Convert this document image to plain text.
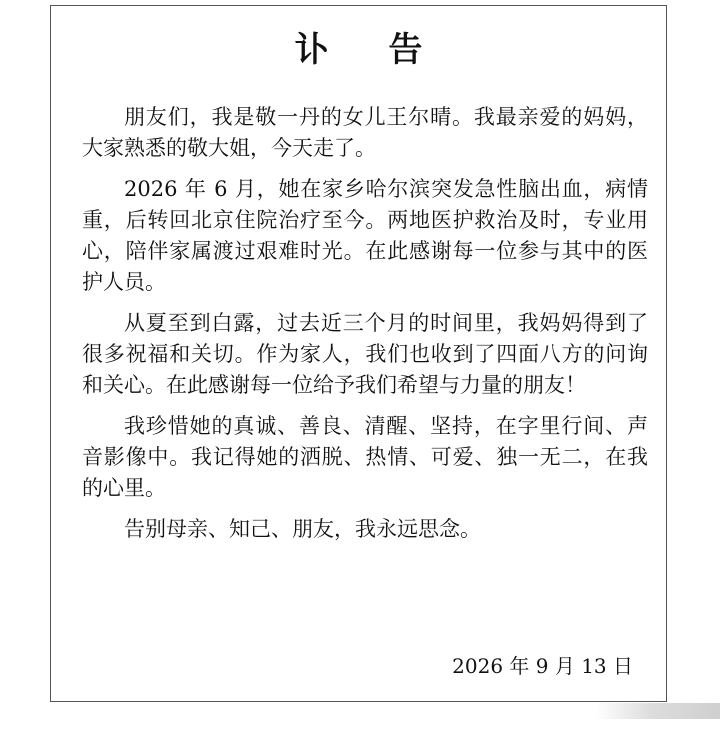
讣 告

朋友们，我是敬一丹的女儿王尔晴。我最亲爱的妈妈，大家熟悉的敬大姐，今天走了。

2026 年 6 月，她在家乡哈尔滨突发急性脑出血，病情重，后转回北京住院治疗至今。两地医护救治及时，专业用心，陪伴家属渡过艰难时光。在此感谢每一位参与其中的医护人员。

从夏至到白露，过去近三个月的时间里，我妈妈得到了很多祝福和关切。作为家人，我们也收到了四面八方的问询和关心。在此感谢每一位给予我们希望与力量的朋友！

我珍惜她的真诚、善良、清醒、坚持，在字里行间、声音影像中。我记得她的洒脱、热情、可爱、独一无二，在我的心里。

告别母亲、知己、朋友，我永远思念。

2026 年 9 月 13 日
